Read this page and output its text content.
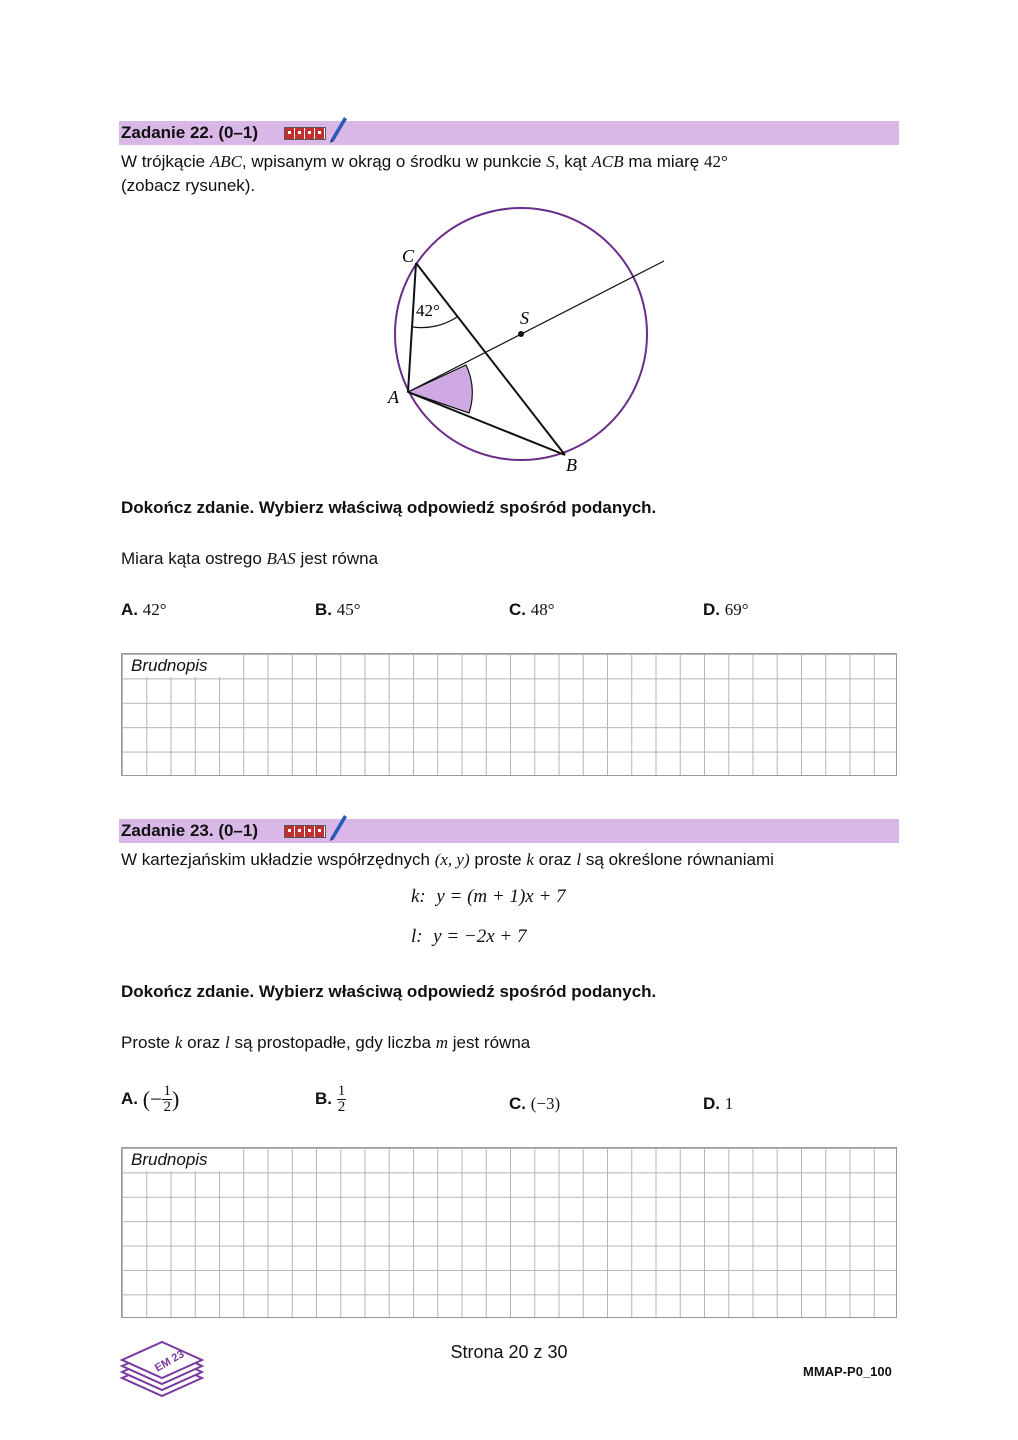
Zadanie 22. (0–1)
W trójkącie ABC, wpisanym w okrąg o środku w punkcie S, kąt ACB ma miarę 42°
(zobacz rysunek).
C
A
B
S
42°
Dokończ zdanie. Wybierz właściwą odpowiedź spośród podanych.
Miara kąta ostrego BAS jest równa
A. 42°	B. 45°	C. 48°	D. 69°
Brudnopis
Zadanie 23. (0–1)
W kartezjańskim układzie współrzędnych (x, y) proste k oraz l są określone równaniami
k: y = (m + 1)x + 7
l: y = −2x + 7
Dokończ zdanie. Wybierz właściwą odpowiedź spośród podanych.
Proste k oraz l są prostopadłe, gdy liczba m jest równa
A. (− $\frac{1}{2}$ )	B. $\frac{1}{2}$	C. (−3)	D. 1
Brudnopis
EM 23	Strona 20 z 30
MMAP-P0_100
